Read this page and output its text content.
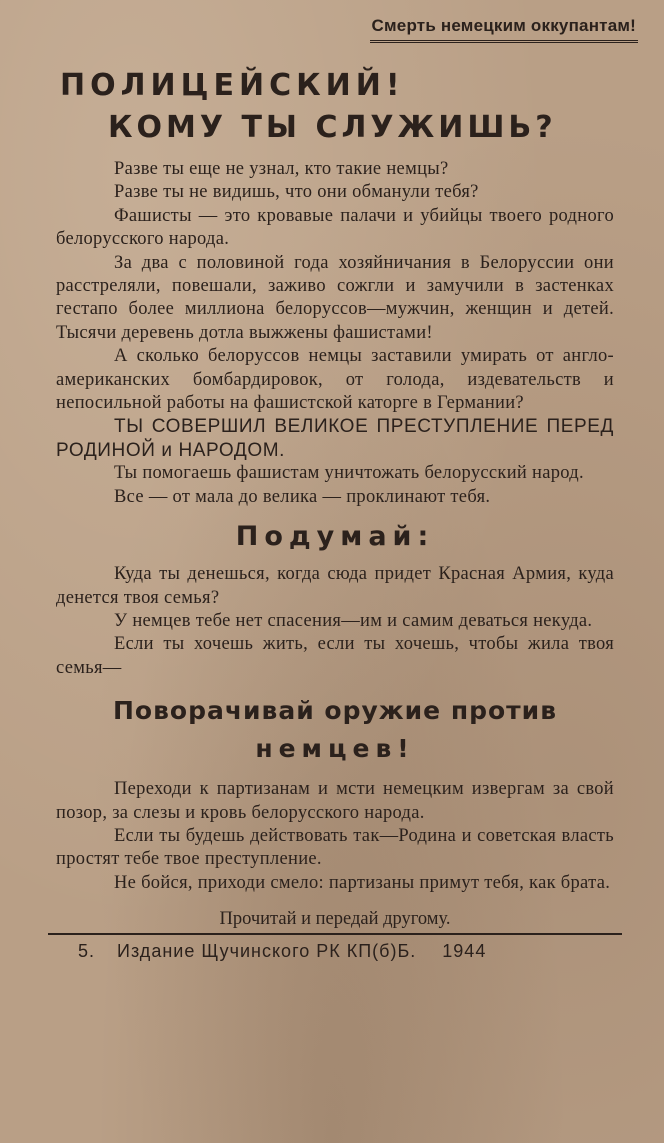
Смерть немецким оккупантам!
ПОЛИЦЕЙСКИЙ!
КОМУ ТЫ СЛУЖИШЬ?

Разве ты еще не узнал, кто такие немцы?

Разве ты не видишь, что они обманули тебя?

Фашисты — это кровавые палачи и убийцы твоего родного белорусского народа.

За два с половиной года хозяйничания в Белоруссии они расстреляли, повешали, заживо сожгли и замучили в застенках гестапо более миллиона белоруссов—мужчин, женщин и детей. Тысячи деревень дотла выжжены фашистами!

А сколько белоруссов немцы заставили умирать от англо-американских бомбардировок, от голода, издевательств и непосильной работы на фашистской каторге в Германии?

ТЫ СОВЕРШИЛ ВЕЛИКОЕ ПРЕСТУПЛЕНИЕ ПЕРЕД РОДИНОЙ и НАРОДОМ.

Ты помогаешь фашистам уничтожать белорусский народ.

Все — от мала до велика — проклинают тебя.

Подумай:

Куда ты денешься, когда сюда придет Красная Армия, куда денется твоя семья?

У немцев тебе нет спасения—им и самим деваться некуда.

Если ты хочешь жить, если ты хочешь, чтобы жила твоя семья—

Поворачивай оружие против
немцев!

Переходи к партизанам и мсти немецким извергам за свой позор, за слезы и кровь белорусского народа.

Если ты будешь действовать так—Родина и советская власть простят тебе твое преступление.

Не бойся, приходи смело: партизаны примут тебя, как брата.

Прочитай и передай другому.
5. Издание Щучинского РК КП(б)Б. 1944
